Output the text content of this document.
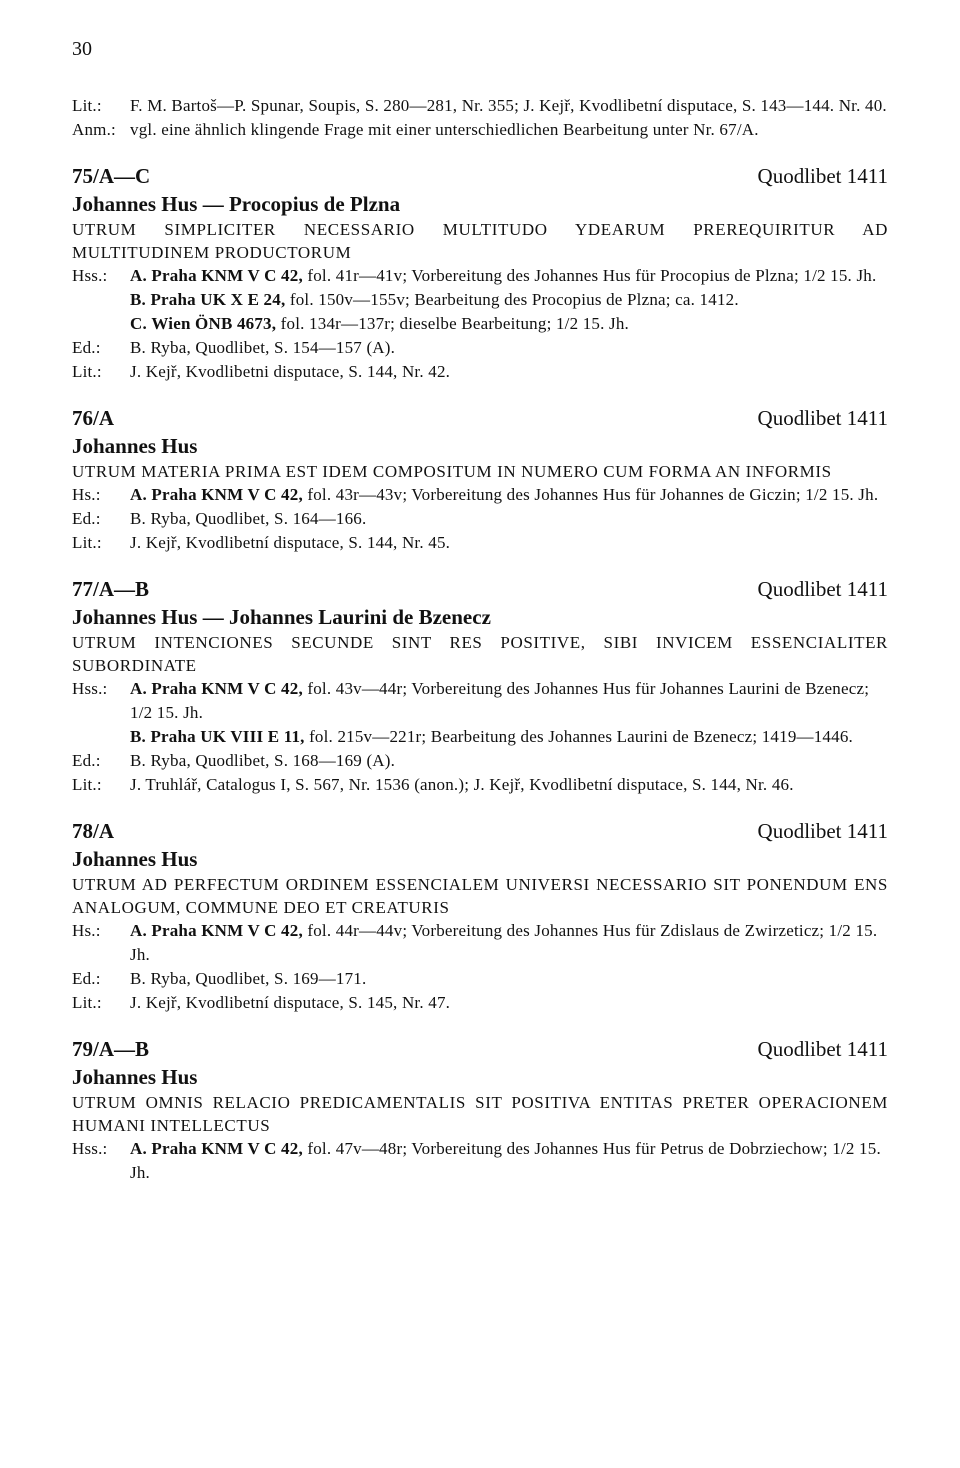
30
Lit.:	F. M. Bartoš—P. Spunar, Soupis, S. 280—281, Nr. 355; J. Kejř, Kvodlibetní disputace, S. 143—144. Nr. 40.
Anm.: vgl. eine ähnlich klingende Frage mit einer unterschiedlichen Bearbeitung unter Nr. 67/A.
75/A—C	Quodlibet 1411
Johannes Hus — Procopius de Plzna
UTRUM SIMPLICITER NECESSARIO MULTITUDO YDEARUM PREREQUIRITUR AD MULTITUDINEM PRODUCTORUM
Hss.:	A. Praha KNM V C 42, fol. 41r—41v; Vorbereitung des Johannes Hus für Procopius de Plzna; 1/2 15. Jh.
B. Praha UK X E 24, fol. 150v—155v; Bearbeitung des Procopius de Plzna; ca. 1412.
C. Wien ÖNB 4673, fol. 134r—137r; dieselbe Bearbeitung; 1/2 15. Jh.
Ed.:	B. Ryba, Quodlibet, S. 154—157 (A).
Lit.:	J. Kejř, Kvodlibetni disputace, S. 144, Nr. 42.
76/A	Quodlibet 1411
Johannes Hus
UTRUM MATERIA PRIMA EST IDEM COMPOSITUM IN NUMERO CUM FORMA AN INFORMIS
Hs.:	A. Praha KNM V C 42, fol. 43r—43v; Vorbereitung des Johannes Hus für Johannes de Giczin; 1/2 15. Jh.
Ed.:	B. Ryba, Quodlibet, S. 164—166.
Lit.:	J. Kejř, Kvodlibetní disputace, S. 144, Nr. 45.
77/A—B	Quodlibet 1411
Johannes Hus — Johannes Laurini de Bzenecz
UTRUM INTENCIONES SECUNDE SINT RES POSITIVE, SIBI INVICEM ESSENCIALITER SUBORDINATE
Hss.:	A. Praha KNM V C 42, fol. 43v—44r; Vorbereitung des Johannes Hus für Johannes Laurini de Bzenecz; 1/2 15. Jh.
B. Praha UK VIII E 11, fol. 215v—221r; Bearbeitung des Johannes Laurini de Bzenecz; 1419—1446.
Ed.:	B. Ryba, Quodlibet, S. 168—169 (A).
Lit.:	J. Truhlář, Catalogus I, S. 567, Nr. 1536 (anon.); J. Kejř, Kvodlibetní disputace, S. 144, Nr. 46.
78/A	Quodlibet 1411
Johannes Hus
UTRUM AD PERFECTUM ORDINEM ESSENCIALEM UNIVERSI NECESSARIO SIT PONENDUM ENS ANALOGUM, COMMUNE DEO ET CREATURIS
Hs.:	A. Praha KNM V C 42, fol. 44r—44v; Vorbereitung des Johannes Hus für Zdislaus de Zwirzeticz; 1/2 15. Jh.
Ed.:	B. Ryba, Quodlibet, S. 169—171.
Lit.:	J. Kejř, Kvodlibetní disputace, S. 145, Nr. 47.
79/A—B	Quodlibet 1411
Johannes Hus
UTRUM OMNIS RELACIO PREDICAMENTALIS SIT POSITIVA ENTITAS PRETER OPERACIONEM HUMANI INTELLECTUS
Hss.:	A. Praha KNM V C 42, fol. 47v—48r; Vorbereitung des Johannes Hus für Petrus de Dobrziechow; 1/2 15. Jh.
